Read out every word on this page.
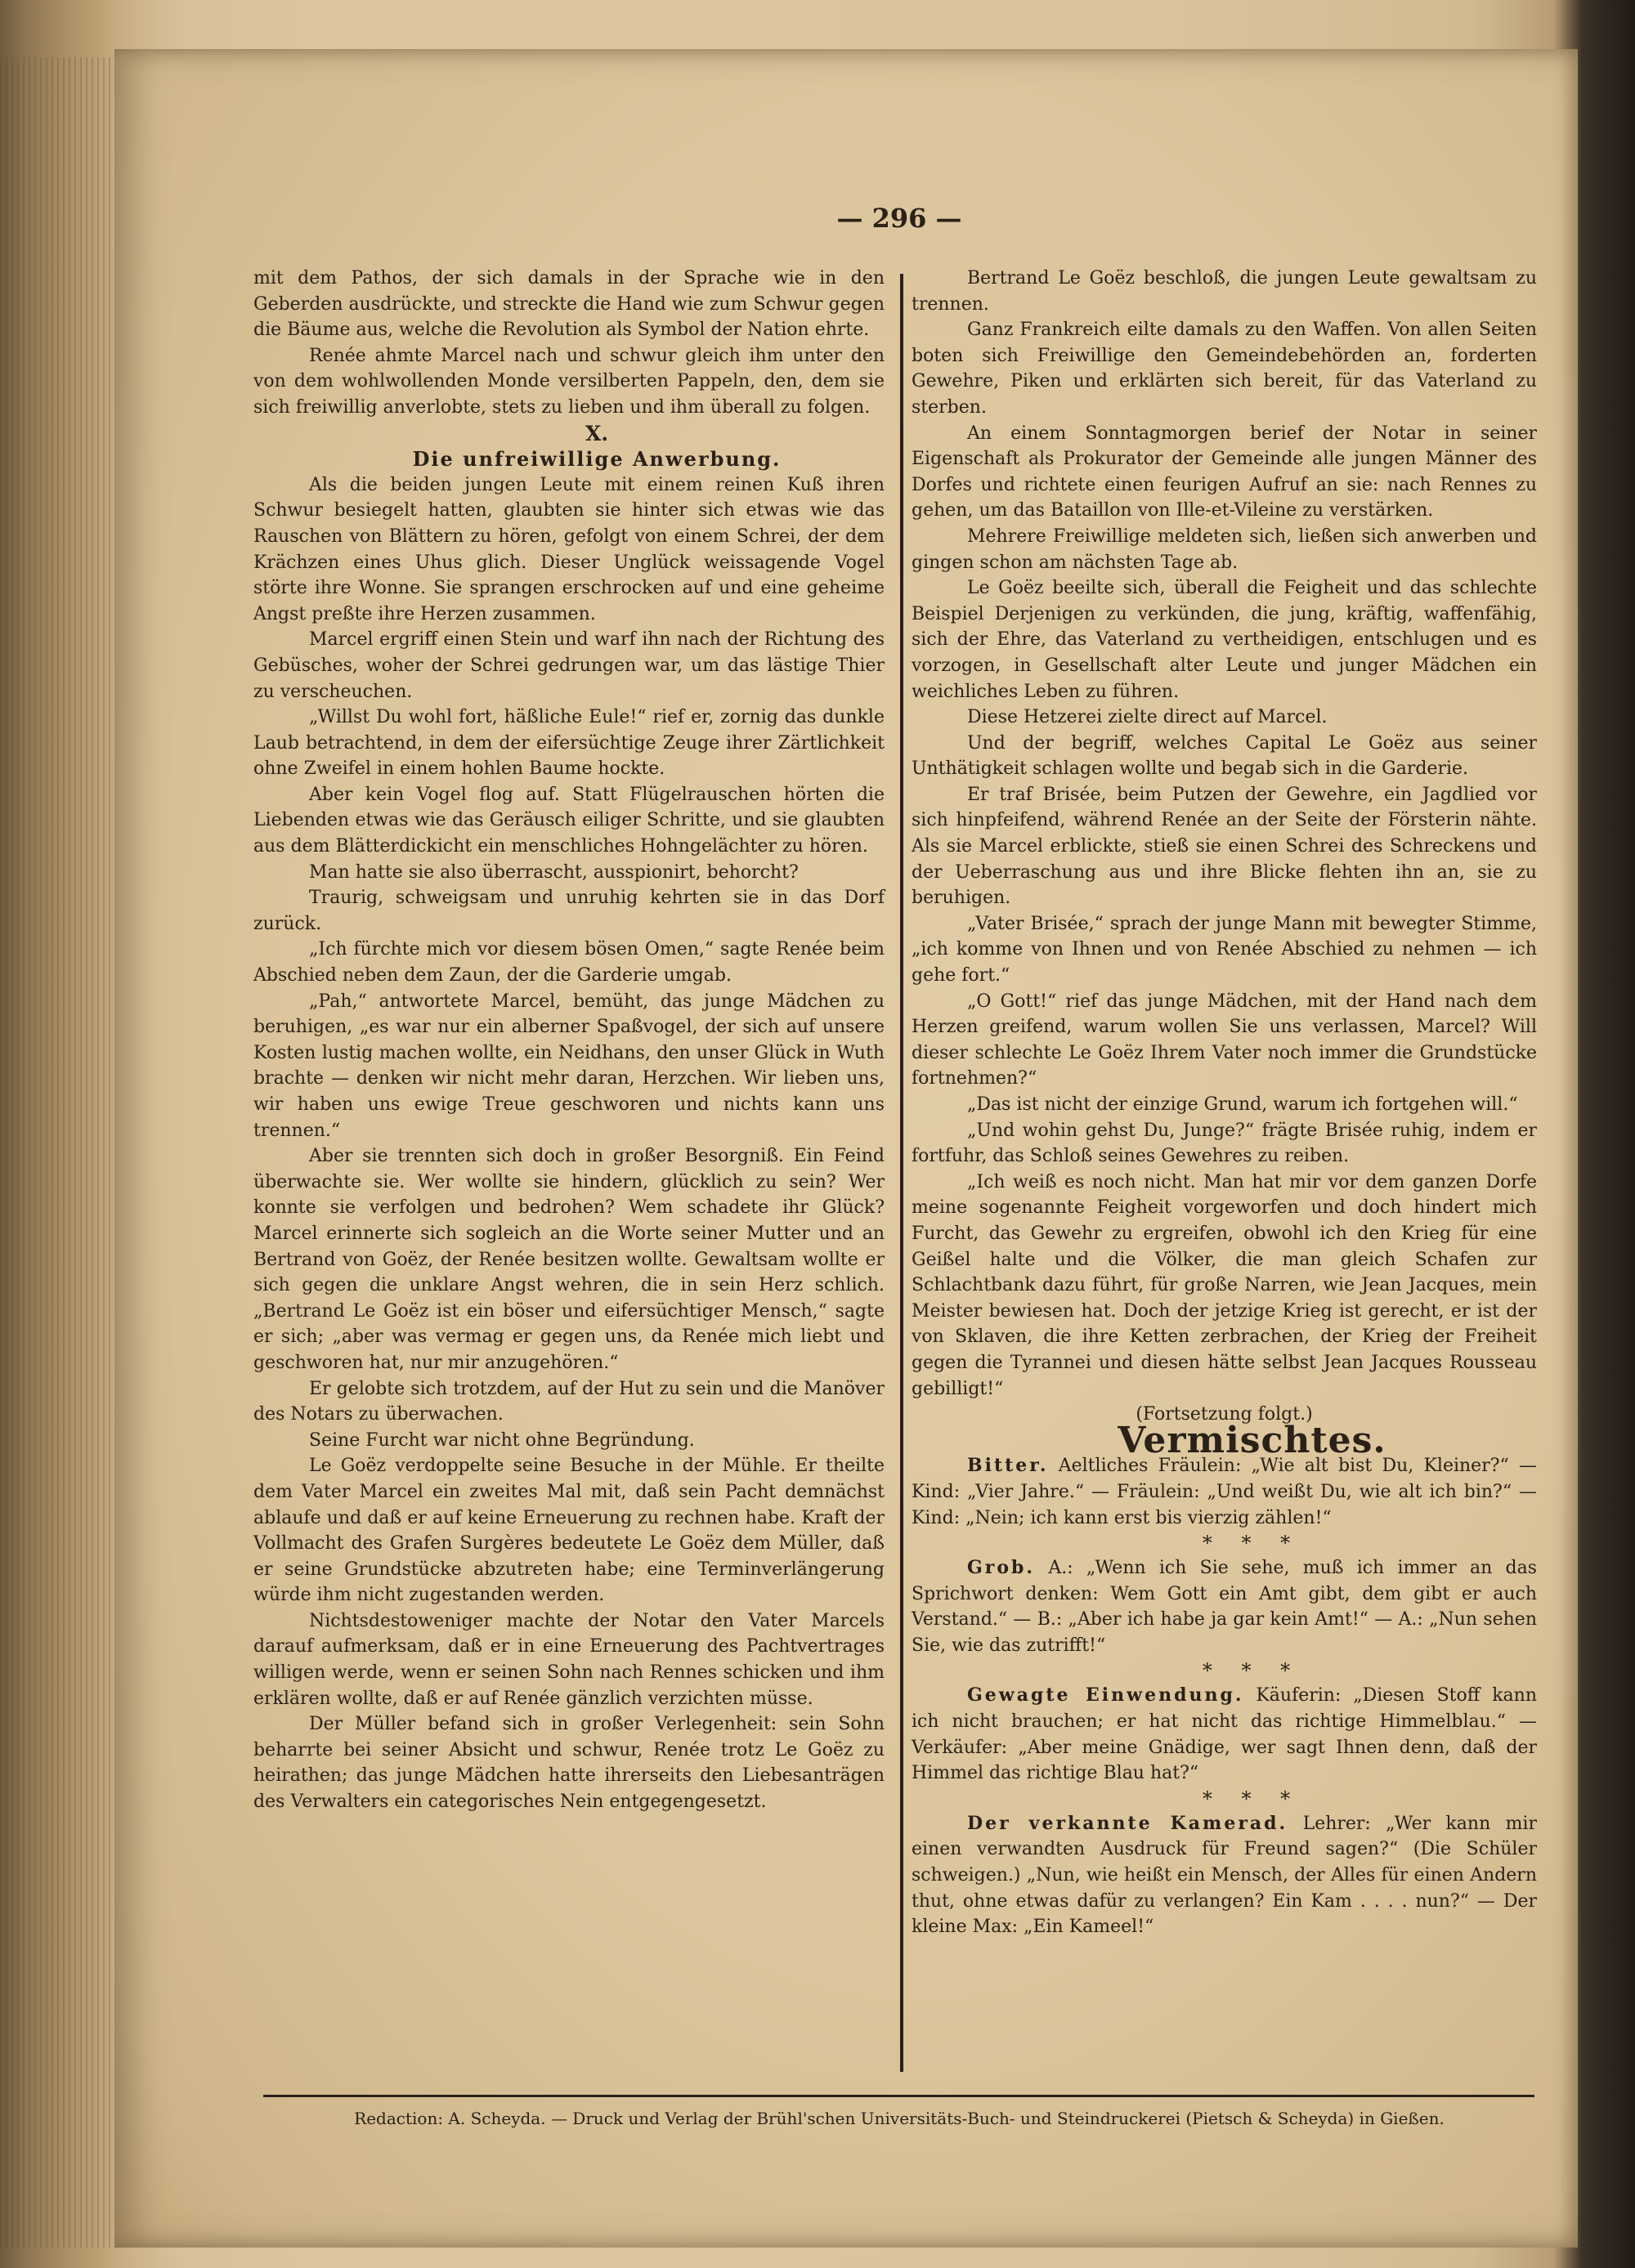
— 296 —

mit dem Pathos, der sich damals in der Sprache wie in den Geberden ausdrückte, und streckte die Hand wie zum Schwur gegen die Bäume aus, welche die Revolution als Symbol der Nation ehrte.

Renée ahmte Marcel nach und schwur gleich ihm unter den von dem wohlwollenden Monde versilberten Pappeln, den, dem sie sich freiwillig anverlobte, stets zu lieben und ihm überall zu folgen.

X.

Die unfreiwillige Anwerbung.

Als die beiden jungen Leute mit einem reinen Kuß ihren Schwur besiegelt hatten, glaubten sie hinter sich etwas wie das Rauschen von Blättern zu hören, gefolgt von einem Schrei, der dem Krächzen eines Uhus glich. Dieser Unglück weissagende Vogel störte ihre Wonne. Sie sprangen erschrocken auf und eine geheime Angst preßte ihre Herzen zusammen.

Marcel ergriff einen Stein und warf ihn nach der Richtung des Gebüsches, woher der Schrei gedrungen war, um das lästige Thier zu verscheuchen.

„Willst Du wohl fort, häßliche Eule!“ rief er, zornig das dunkle Laub betrachtend, in dem der eifersüchtige Zeuge ihrer Zärtlichkeit ohne Zweifel in einem hohlen Baume hockte.

Aber kein Vogel flog auf. Statt Flügelrauschen hörten die Liebenden etwas wie das Geräusch eiliger Schritte, und sie glaubten aus dem Blätterdickicht ein menschliches Hohngelächter zu hören.

Man hatte sie also überrascht, ausspionirt, behorcht?

Traurig, schweigsam und unruhig kehrten sie in das Dorf zurück.

„Ich fürchte mich vor diesem bösen Omen,“ sagte Renée beim Abschied neben dem Zaun, der die Garderie umgab.

„Pah,“ antwortete Marcel, bemüht, das junge Mädchen zu beruhigen, „es war nur ein alberner Spaßvogel, der sich auf unsere Kosten lustig machen wollte, ein Neidhans, den unser Glück in Wuth brachte — denken wir nicht mehr daran, Herzchen. Wir lieben uns, wir haben uns ewige Treue geschworen und nichts kann uns trennen.“

Aber sie trennten sich doch in großer Besorgniß. Ein Feind überwachte sie. Wer wollte sie hindern, glücklich zu sein? Wer konnte sie verfolgen und bedrohen? Wem schadete ihr Glück? Marcel erinnerte sich sogleich an die Worte seiner Mutter und an Bertrand von Goëz, der Renée besitzen wollte. Gewaltsam wollte er sich gegen die unklare Angst wehren, die in sein Herz schlich. „Bertrand Le Goëz ist ein böser und eifersüchtiger Mensch,“ sagte er sich; „aber was vermag er gegen uns, da Renée mich liebt und geschworen hat, nur mir anzugehören.“

Er gelobte sich trotzdem, auf der Hut zu sein und die Manöver des Notars zu überwachen.

Seine Furcht war nicht ohne Begründung.

Le Goëz verdoppelte seine Besuche in der Mühle. Er theilte dem Vater Marcel ein zweites Mal mit, daß sein Pacht demnächst ablaufe und daß er auf keine Erneuerung zu rechnen habe. Kraft der Vollmacht des Grafen Surgères bedeutete Le Goëz dem Müller, daß er seine Grundstücke abzutreten habe; eine Terminverlängerung würde ihm nicht zugestanden werden.

Nichtsdestoweniger machte der Notar den Vater Marcels darauf aufmerksam, daß er in eine Erneuerung des Pachtvertrages willigen werde, wenn er seinen Sohn nach Rennes schicken und ihm erklären wollte, daß er auf Renée gänzlich verzichten müsse.

Der Müller befand sich in großer Verlegenheit: sein Sohn beharrte bei seiner Absicht und schwur, Renée trotz Le Goëz zu heirathen; das junge Mädchen hatte ihrerseits den Liebesanträgen des Verwalters ein categorisches Nein entgegengesetzt.

Bertrand Le Goëz beschloß, die jungen Leute gewaltsam zu trennen.

Ganz Frankreich eilte damals zu den Waffen. Von allen Seiten boten sich Freiwillige den Gemeindebehörden an, forderten Gewehre, Piken und erklärten sich bereit, für das Vaterland zu sterben.

An einem Sonntagmorgen berief der Notar in seiner Eigenschaft als Prokurator der Gemeinde alle jungen Männer des Dorfes und richtete einen feurigen Aufruf an sie: nach Rennes zu gehen, um das Bataillon von Ille-et-Vileine zu verstärken.

Mehrere Freiwillige meldeten sich, ließen sich anwerben und gingen schon am nächsten Tage ab.

Le Goëz beeilte sich, überall die Feigheit und das schlechte Beispiel Derjenigen zu verkünden, die jung, kräftig, waffenfähig, sich der Ehre, das Vaterland zu vertheidigen, entschlugen und es vorzogen, in Gesellschaft alter Leute und junger Mädchen ein weichliches Leben zu führen.

Diese Hetzerei zielte direct auf Marcel.

Und der begriff, welches Capital Le Goëz aus seiner Unthätigkeit schlagen wollte und begab sich in die Garderie.

Er traf Brisée, beim Putzen der Gewehre, ein Jagdlied vor sich hinpfeifend, während Renée an der Seite der Försterin nähte. Als sie Marcel erblickte, stieß sie einen Schrei des Schreckens und der Ueberraschung aus und ihre Blicke flehten ihn an, sie zu beruhigen.

„Vater Brisée,“ sprach der junge Mann mit bewegter Stimme, „ich komme von Ihnen und von Renée Abschied zu nehmen — ich gehe fort.“

„O Gott!“ rief das junge Mädchen, mit der Hand nach dem Herzen greifend, warum wollen Sie uns verlassen, Marcel? Will dieser schlechte Le Goëz Ihrem Vater noch immer die Grundstücke fortnehmen?“

„Das ist nicht der einzige Grund, warum ich fortgehen will.“

„Und wohin gehst Du, Junge?“ frägte Brisée ruhig, indem er fortfuhr, das Schloß seines Gewehres zu reiben.

„Ich weiß es noch nicht. Man hat mir vor dem ganzen Dorfe meine sogenannte Feigheit vorgeworfen und doch hindert mich Furcht, das Gewehr zu ergreifen, obwohl ich den Krieg für eine Geißel halte und die Völker, die man gleich Schafen zur Schlachtbank dazu führt, für große Narren, wie Jean Jacques, mein Meister bewiesen hat. Doch der jetzige Krieg ist gerecht, er ist der von Sklaven, die ihre Ketten zerbrachen, der Krieg der Freiheit gegen die Tyrannei und diesen hätte selbst Jean Jacques Rousseau gebilligt!“

(Fortsetzung folgt.)

Vermischtes.

Bitter. Aeltliches Fräulein: „Wie alt bist Du, Kleiner?“ — Kind: „Vier Jahre.“ — Fräulein: „Und weißt Du, wie alt ich bin?“ — Kind: „Nein; ich kann erst bis vierzig zählen!“

* * *

Grob. A.: „Wenn ich Sie sehe, muß ich immer an das Sprichwort denken: Wem Gott ein Amt gibt, dem gibt er auch Verstand.“ — B.: „Aber ich habe ja gar kein Amt!“ — A.: „Nun sehen Sie, wie das zutrifft!“

* * *

Gewagte Einwendung. Käuferin: „Diesen Stoff kann ich nicht brauchen; er hat nicht das richtige Himmelblau.“ — Verkäufer: „Aber meine Gnädige, wer sagt Ihnen denn, daß der Himmel das richtige Blau hat?“

* * *

Der verkannte Kamerad. Lehrer: „Wer kann mir einen verwandten Ausdruck für Freund sagen?“ (Die Schüler schweigen.) „Nun, wie heißt ein Mensch, der Alles für einen Andern thut, ohne etwas dafür zu verlangen? Ein Kam . . . . nun?“ — Der kleine Max: „Ein Kameel!“

Redaction: A. Scheyda. — Druck und Verlag der Brühl'schen Universitäts-Buch- und Steindruckerei (Pietsch & Scheyda) in Gießen.
